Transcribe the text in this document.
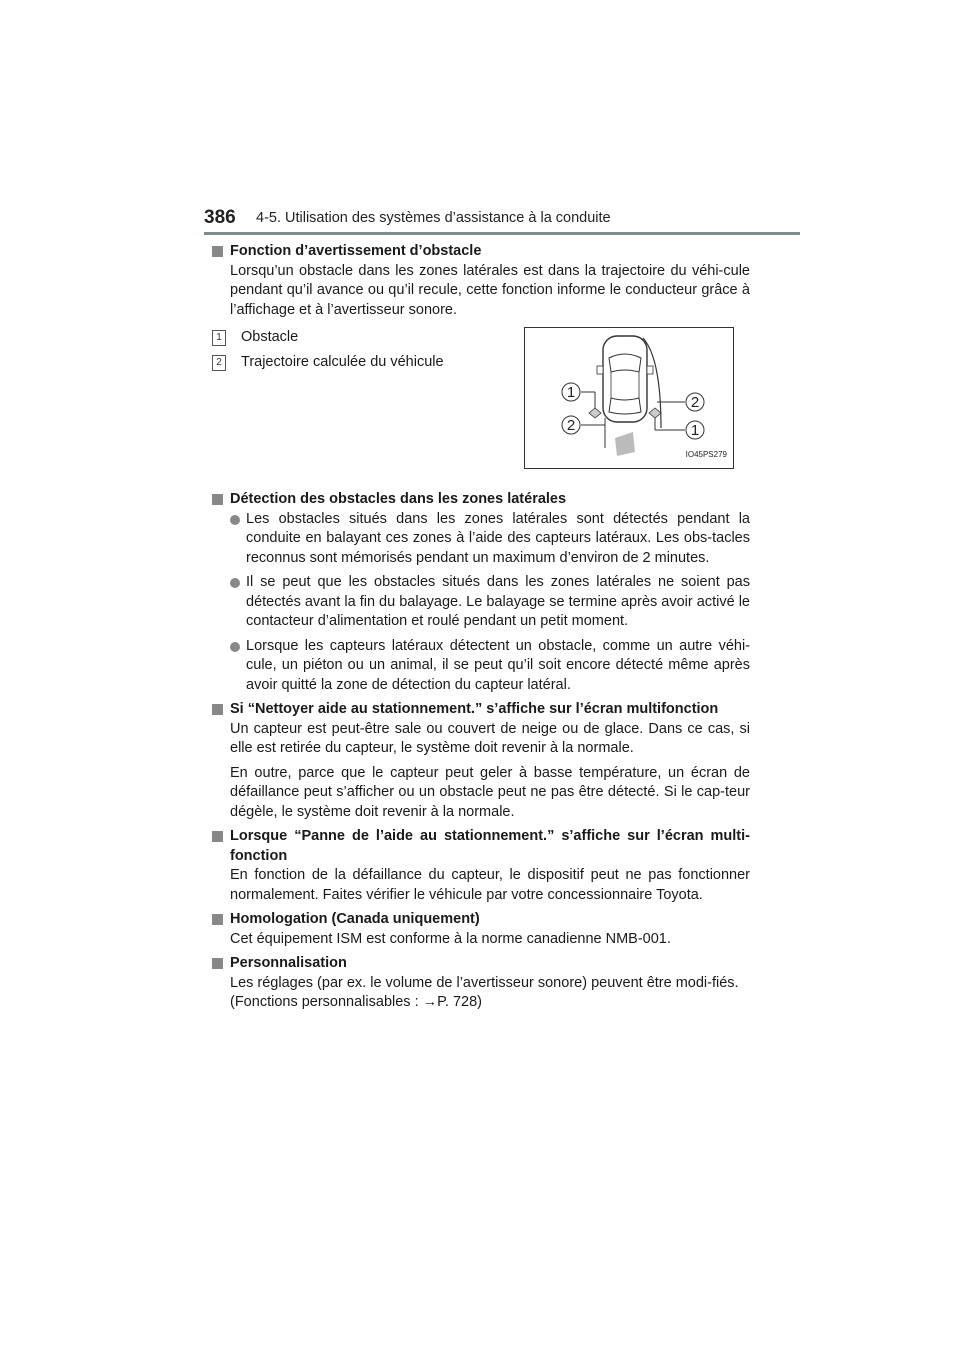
386 4-5. Utilisation des systèmes d’assistance à la conduite
Fonction d’avertissement d’obstacle
Lorsqu’un obstacle dans les zones latérales est dans la trajectoire du véhi-cule pendant qu’il avance ou qu’il recule, cette fonction informe le conducteur grâce à l’affichage et à l’avertisseur sonore.
1 Obstacle
2 Trajectoire calculée du véhicule
1
2
2
1
IO45PS279
Détection des obstacles dans les zones latérales
Les obstacles situés dans les zones latérales sont détectés pendant la conduite en balayant ces zones à l’aide des capteurs latéraux. Les obs-tacles reconnus sont mémorisés pendant un maximum d’environ de 2 minutes.
Il se peut que les obstacles situés dans les zones latérales ne soient pas détectés avant la fin du balayage. Le balayage se termine après avoir activé le contacteur d’alimentation et roulé pendant un petit moment.
Lorsque les capteurs latéraux détectent un obstacle, comme un autre véhi-cule, un piéton ou un animal, il se peut qu’il soit encore détecté même après avoir quitté la zone de détection du capteur latéral.
Si “Nettoyer aide au stationnement.” s’affiche sur l’écran multifonction
Un capteur est peut-être sale ou couvert de neige ou de glace. Dans ce cas, si elle est retirée du capteur, le système doit revenir à la normale.
En outre, parce que le capteur peut geler à basse température, un écran de défaillance peut s’afficher ou un obstacle peut ne pas être détecté. Si le cap-teur dégèle, le système doit revenir à la normale.
Lorsque “Panne de l’aide au stationnement.” s’affiche sur l’écran multi-fonction
En fonction de la défaillance du capteur, le dispositif peut ne pas fonctionner normalement. Faites vérifier le véhicule par votre concessionnaire Toyota.
Homologation (Canada uniquement)
Cet équipement ISM est conforme à la norme canadienne NMB-001.
Personnalisation
Les réglages (par ex. le volume de l’avertisseur sonore) peuvent être modi-fiés.
(Fonctions personnalisables : →P. 728)
